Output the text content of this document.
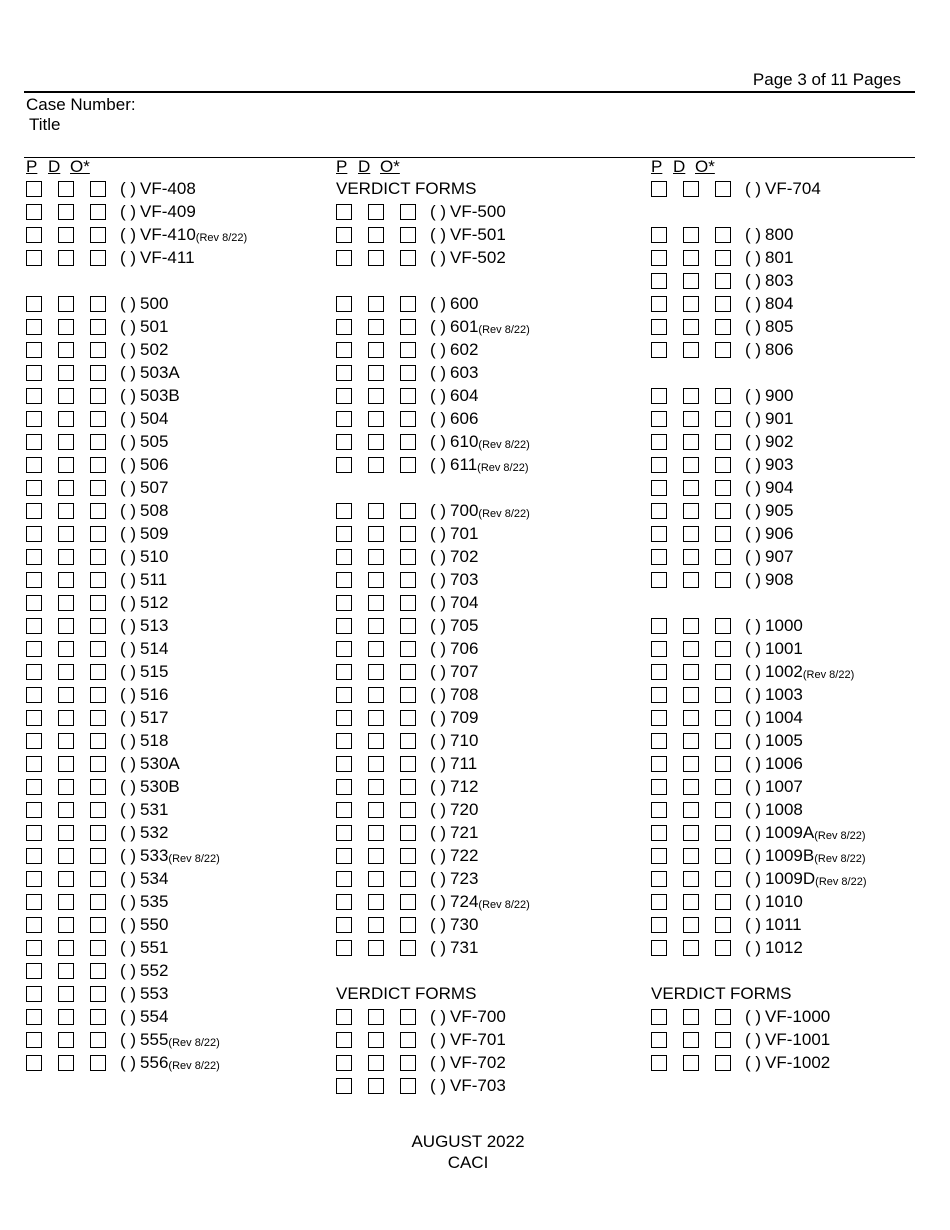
Page 3 of 11 Pages
Case Number:
Title
P D O*
( ) VF-408
( ) VF-409
( ) VF-410 (Rev 8/22)
( ) VF-411
( ) 500
( ) 501
( ) 502
( ) 503A
( ) 503B
( ) 504
( ) 505
( ) 506
( ) 507
( ) 508
( ) 509
( ) 510
( ) 511
( ) 512
( ) 513
( ) 514
( ) 515
( ) 516
( ) 517
( ) 518
( ) 530A
( ) 530B
( ) 531
( ) 532
( ) 533 (Rev 8/22)
( ) 534
( ) 535
( ) 550
( ) 551
( ) 552
( ) 553
( ) 554
( ) 555 (Rev 8/22)
( ) 556 (Rev 8/22)
P D O*
VERDICT FORMS
( ) VF-500
( ) VF-501
( ) VF-502
( ) 600
( ) 601 (Rev 8/22)
( ) 602
( ) 603
( ) 604
( ) 606
( ) 610 (Rev 8/22)
( ) 611 (Rev 8/22)
( ) 700 (Rev 8/22)
( ) 701
( ) 702
( ) 703
( ) 704
( ) 705
( ) 706
( ) 707
( ) 708
( ) 709
( ) 710
( ) 711
( ) 712
( ) 720
( ) 721
( ) 722
( ) 723
( ) 724 (Rev 8/22)
( ) 730
( ) 731
VERDICT FORMS
( ) VF-700
( ) VF-701
( ) VF-702
( ) VF-703
P D O*
( ) VF-704
( ) 800
( ) 801
( ) 803
( ) 804
( ) 805
( ) 806
( ) 900
( ) 901
( ) 902
( ) 903
( ) 904
( ) 905
( ) 906
( ) 907
( ) 908
( ) 1000
( ) 1001
( ) 1002 (Rev 8/22)
( ) 1003
( ) 1004
( ) 1005
( ) 1006
( ) 1007
( ) 1008
( ) 1009A (Rev 8/22)
( ) 1009B (Rev 8/22)
( ) 1009D (Rev 8/22)
( ) 1010
( ) 1011
( ) 1012
VERDICT FORMS
( ) VF-1000
( ) VF-1001
( ) VF-1002
AUGUST 2022
CACI
